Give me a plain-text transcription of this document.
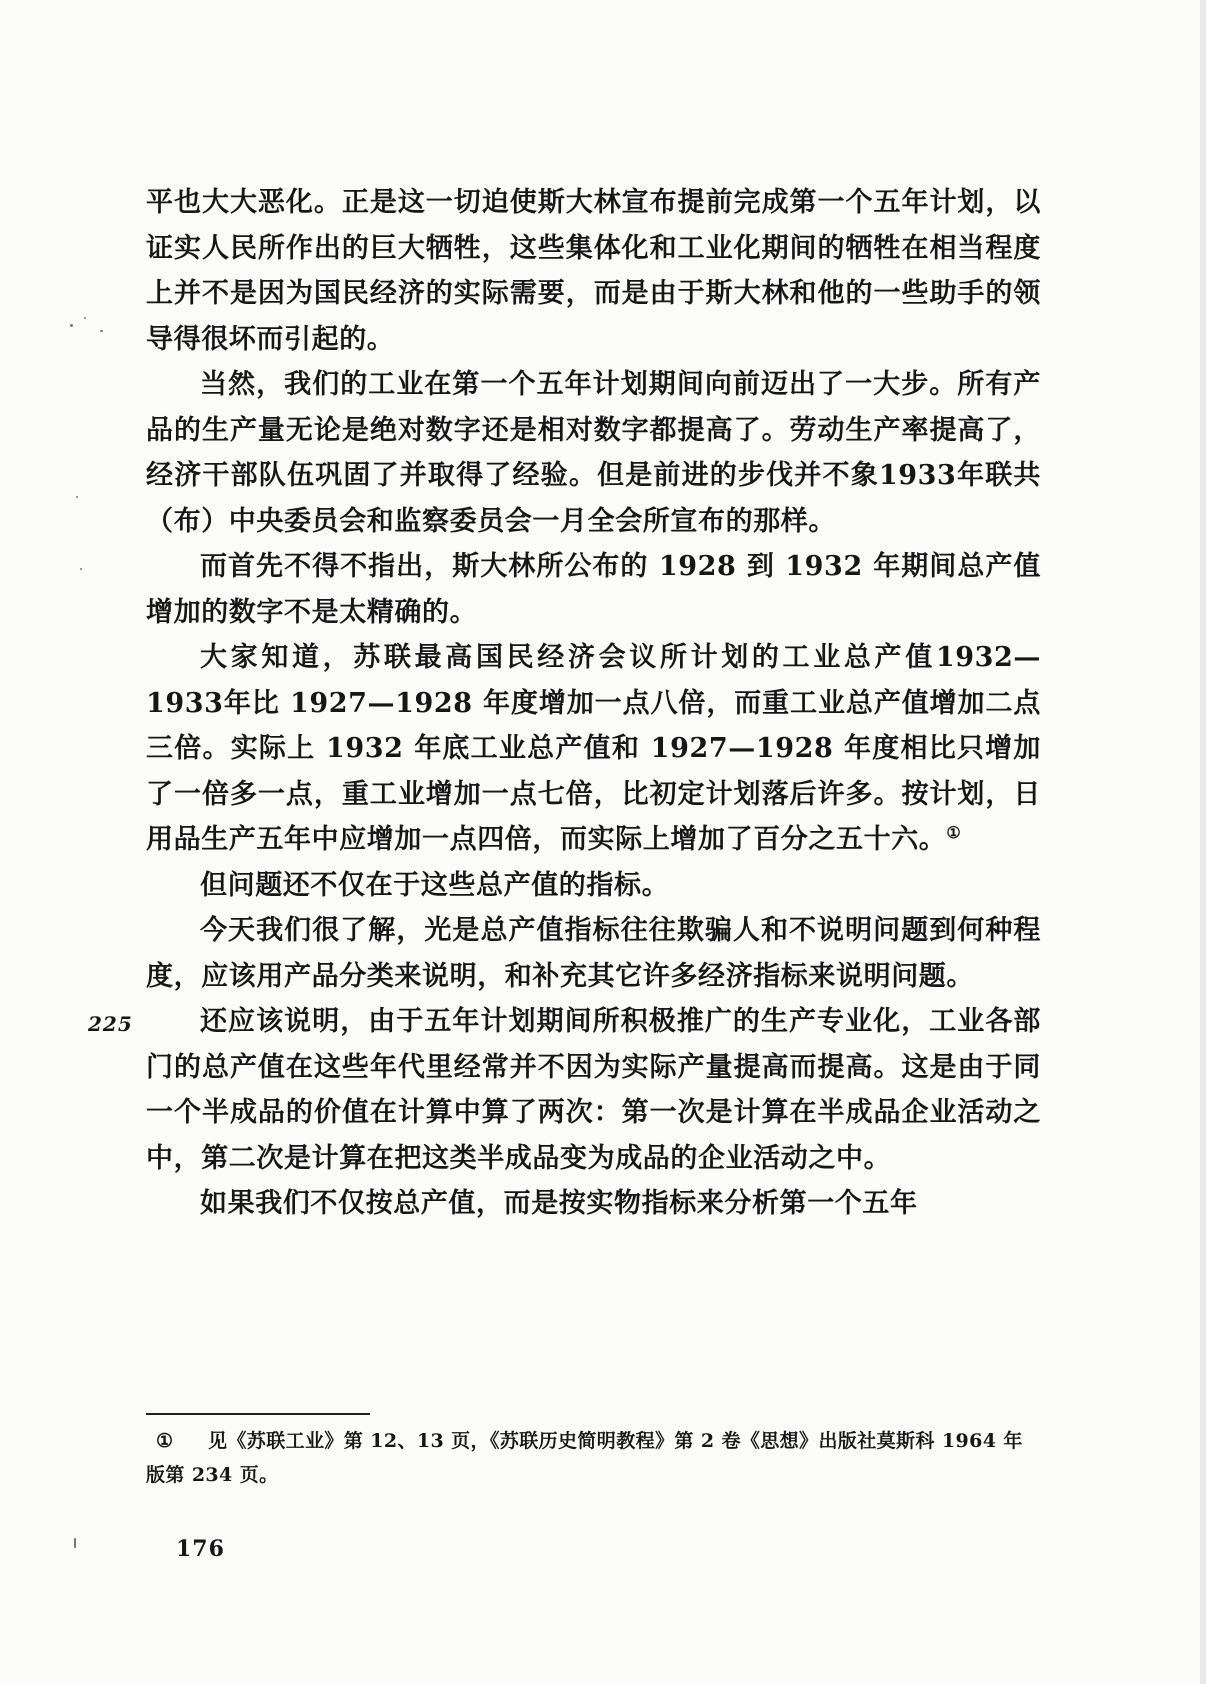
平也大大恶化。正是这一切迫使斯大林宣布提前完成第一个五年计划，以证实人民所作出的巨大牺牲，这些集体化和工业化期间的牺牲在相当程度上并不是因为国民经济的实际需要，而是由于斯大林和他的一些助手的领导得很坏而引起的。

当然，我们的工业在第一个五年计划期间向前迈出了一大步。所有产品的生产量无论是绝对数字还是相对数字都提高了。劳动生产率提高了，经济干部队伍巩固了并取得了经验。但是前进的步伐并不象1933年联共（布）中央委员会和监察委员会一月全会所宣布的那样。

而首先不得不指出，斯大林所公布的 1928 到 1932 年期间总产值增加的数字不是太精确的。

大家知道，苏联最高国民经济会议所计划的工业总产值1932—1933年比 1927—1928 年度增加一点八倍，而重工业总产值增加二点三倍。实际上 1932 年底工业总产值和 1927—1928 年度相比只增加了一倍多一点，重工业增加一点七倍，比初定计划落后许多。按计划，日用品生产五年中应增加一点四倍，而实际上增加了百分之五十六。①

但问题还不仅在于这些总产值的指标。

今天我们很了解，光是总产值指标往往欺骗人和不说明问题到何种程度，应该用产品分类来说明，和补充其它许多经济指标来说明问题。

还应该说明，由于五年计划期间所积极推广的生产专业化，工业各部门的总产值在这些年代里经常并不因为实际产量提高而提高。这是由于同一个半成品的价值在计算中算了两次：第一次是计算在半成品企业活动之中，第二次是计算在把这类半成品变为成品的企业活动之中。

如果我们不仅按总产值，而是按实物指标来分析第一个五年

225
① 见《苏联工业》第 12、13 页，《苏联历史简明教程》第 2 卷《思想》出版社莫斯科 1964 年版第 234 页。
176
